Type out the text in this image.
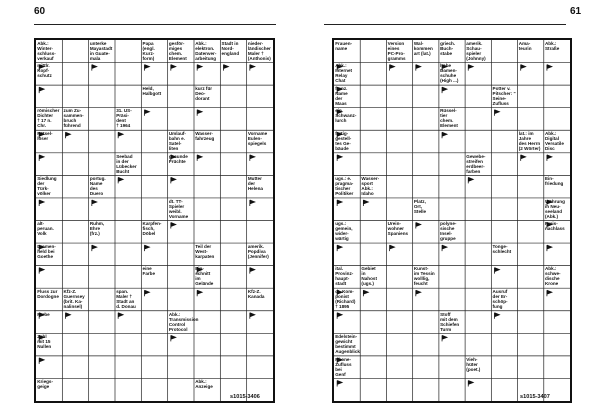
60
Abk.: Winter-
schluss-
verkauf
unterke
Mayastadt
in Guate-
mala
Papa
(engl.
Kurz-
form)
gesför-
miges
chem.
Element
Abk.:
elektron.
Datenver-
arbeitung
Stadt in
Nord-
england
nieder-
ländischer
Maler †
(Anthonis)
mittlr.
Kopf-
schutz
Held,
Halbgott
kurz für
Deo-
dorant
römischer
Dichter
† 17 n. Chr.
zum Zu-
sammen-
bruch
führend
31. US-
Präsi-
dent
† 1964
Rätsel-
löser
Umlauf-
bahn e.
Satel-
liten
Wasser-
fahrzeug
Vorname
Eulen-
spiegels
Seebad
in der
Lübecker
Bucht
gesunde
Früchte
Siedlung
der
Türk-
völker
portug.
Name
des
Duero
Mutter
der
Helena
dt. TT-
Spieler
weibl.
Vorname
alt-
peruan.
Volk
Ruhm,
Ehre
(frz.)
Karpfen-
fisch,
Döbel
Teil der
West-
karpaten
Dramen-
held bei
Goethe
amerik.
Popdiva
(Jennifer)
eine
Farbe
Ein-
schnitt
im
Gelände
Fluss zur
Dordogne
Kfz-Z.
Guernsey
(brit. Ka-
nalinsel)
span.
Maler †
Stadt an
d. Donau
Kfz-Z.
Kanada
Farbe	Abk.:
Transmission
Control
Protocol
Zahl
mit 15
Nullen
Kriegs-
geige
Abk.:
Anzeige
s1015-3406
61
Frauen-
name
Version
eines
PC-Pro-
gramms
Wal-
kommen
art (lat.)
griech.
Buch-
stabe
amerik.
Schau-
spieler
(Johnny)
Ama-
teurin
Abk.:
Straße
Abk.:
Internet
Relay
Chat
hohe
Damen-
schuhe
(High ...)
franz.
Name
der
Maas
Potter v.
Pitscher: "
Seine-
Zufluss
ein
Schwanz-
lurch
Rüssel-
tier
chem.
Element
fertig-
gestell-
tes Ge-
bäude
lat.: im
Jahre
des Herrn
(2 Wörter)
Abk.:
Digital
Versatile
Disc
Gewebe-
streifen
erdbeer-
farben
ugs.: e.
pragma-
tischer
Politiker
Wasser-
sport
Abk.:
Idaho
Ein-
friedung
Platz,
Ort,
Stelle
Währung
in Neu-
seeland
(Abk.)
ugs.:
gemein,
wider-
wärtig
Urein-
wohner
Spaniens
polyne-
sische
Insel-
gruppe
Preis-
nachlass
Tonge-
schlecht
ital.
Provinz-
haupt-
stadt
Gebiet
in
Nahost
(ugs.)
Kunst-
im Tessin
wolllig,
feucht
Abk.:
schwe-
dische
Krone
dt. Kom-
ponist
(Richard)
† 1895
Ausruf
der Er-
schöp-
fung
Stoff
mit dem
Schiefen
Turm
Edelstein-
gewicht
bestimmt
Augenblick
Rhone-
Zufluss
bei
Genf
Vieh-
hüter
(poet.)
s1015-3407
